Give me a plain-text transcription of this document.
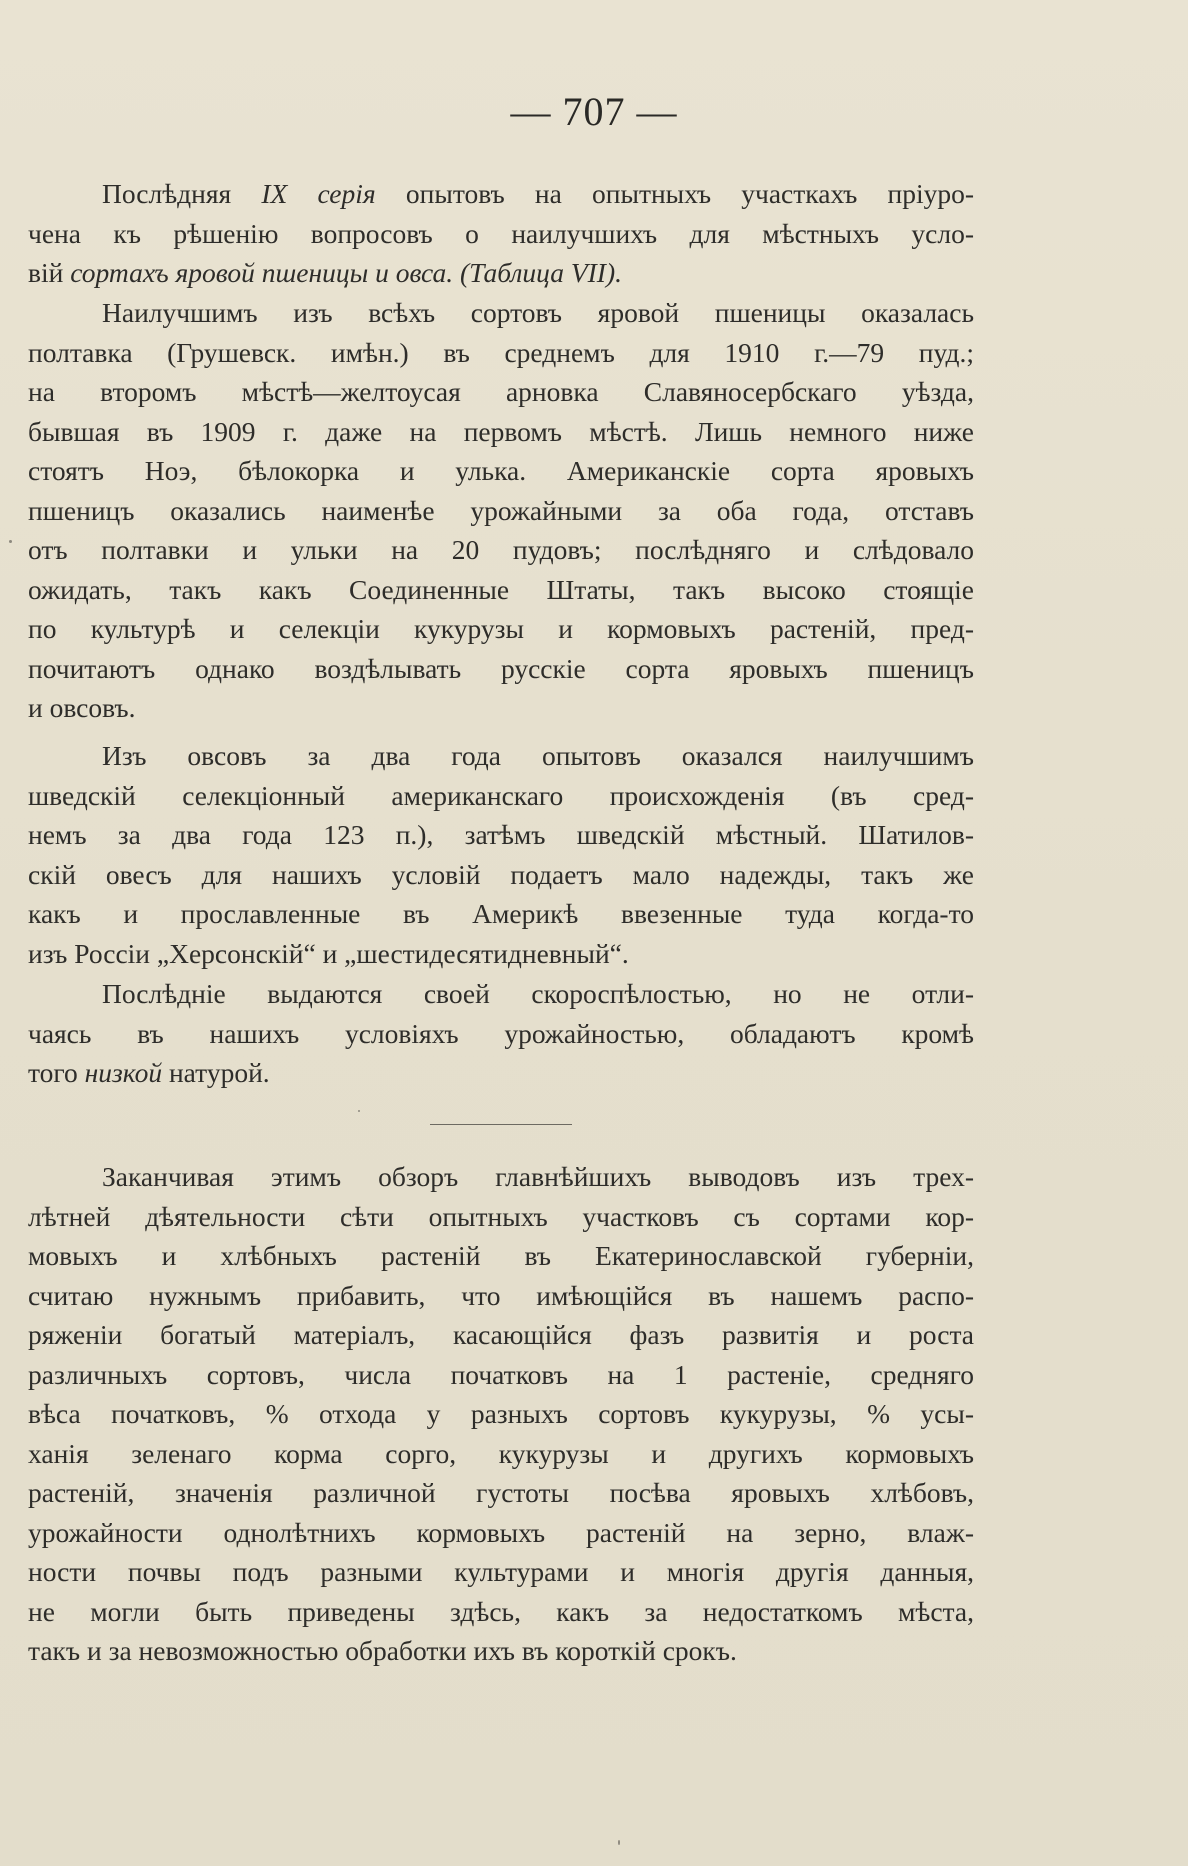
— 707 —
Послѣдняя IX серія опытовъ на опытныхъ участкахъ пріуро-
чена къ рѣшенію вопросовъ о наилучшихъ для мѣстныхъ усло-
вій сортахъ яровой пшеницы и овса. (Таблица VII).
Наилучшимъ изъ всѣхъ сортовъ яровой пшеницы оказалась
полтавка (Грушевск. имѣн.) въ среднемъ для 1910 г.—79 пуд.;
на второмъ мѣстѣ—желтоусая арновка Славяносербскаго уѣзда,
бывшая въ 1909 г. даже на первомъ мѣстѣ. Лишь немного ниже
стоятъ Ноэ, бѣлокорка и улька. Американскіе сорта яровыхъ
пшеницъ оказались наименѣе урожайными за оба года, отставъ
отъ полтавки и ульки на 20 пудовъ; послѣдняго и слѣдовало
ожидать, такъ какъ Соединенные Штаты, такъ высоко стоящіе
по культурѣ и селекціи кукурузы и кормовыхъ растеній, пред-
почитаютъ однако воздѣлывать русскіе сорта яровыхъ пшеницъ
и овсовъ.
Изъ овсовъ за два года опытовъ оказался наилучшимъ
шведскій селекціонный американскаго происхожденія (въ сред-
немъ за два года 123 п.), затѣмъ шведскій мѣстный. Шатилов-
скій овесъ для нашихъ условій подаетъ мало надежды, такъ же
какъ и прославленные въ Америкѣ ввезенные туда когда-то
изъ Россіи „Херсонскій“ и „шестидесятидневный“.
Послѣдніе выдаются своей скороспѣлостью, но не отли-
чаясь въ нашихъ условіяхъ урожайностью, обладаютъ кромѣ
того низкой натурой.
Заканчивая этимъ обзоръ главнѣйшихъ выводовъ изъ трех-
лѣтней дѣятельности сѣти опытныхъ участковъ съ сортами кор-
мовыхъ и хлѣбныхъ растеній въ Екатеринославской губерніи,
считаю нужнымъ прибавить, что имѣющійся въ нашемъ распо-
ряженіи богатый матеріалъ, касающійся фазъ развитія и роста
различныхъ сортовъ, числа початковъ на 1 растеніе, средняго
вѣса початковъ, % отхода у разныхъ сортовъ кукурузы, % усы-
ханія зеленаго корма сорго, кукурузы и другихъ кормовыхъ
растеній, значенія различной густоты посѣва яровыхъ хлѣбовъ,
урожайности однолѣтнихъ кормовыхъ растеній на зерно, влаж-
ности почвы подъ разными культурами и многія другія данныя,
не могли быть приведены здѣсь, какъ за недостаткомъ мѣста,
такъ и за невозможностью обработки ихъ въ короткій срокъ.
